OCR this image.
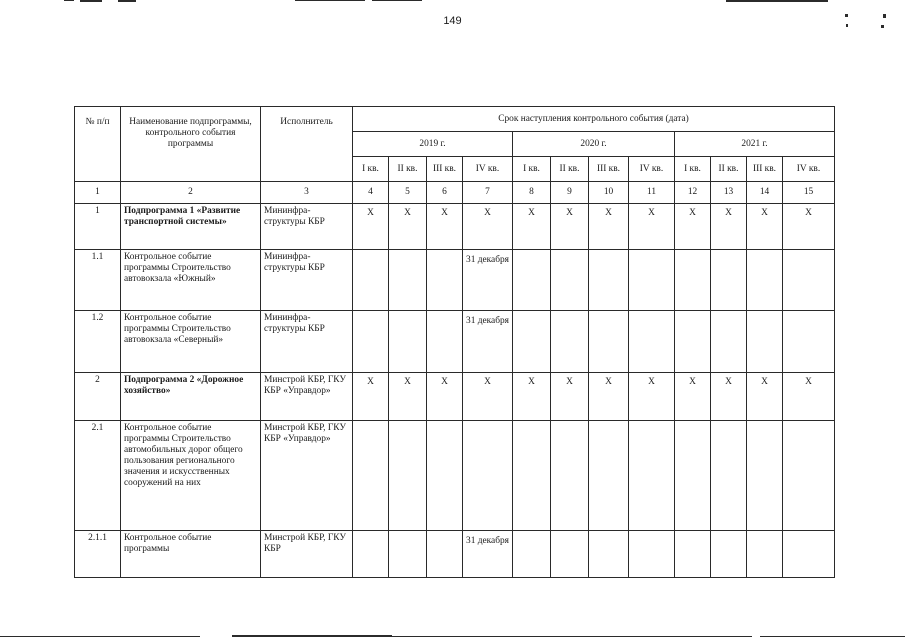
149
№ п/п	Наименование подпрограммы, контрольного события программы	Исполнитель	Срок наступления контрольного события (дата)											
			2019 г.				2020 г.				2021 г.			
			I кв.	II кв.	III кв.	IV кв.	I кв.	II кв.	III кв.	IV кв.	I кв.	II кв.	III кв.	IV кв.
1	2	3	4	5	6	7	8	9	10	11	12	13	14	15
1	Подпрограмма 1 «Развитие транспортной системы»	Мининфра-структуры КБР	X	X	X	X	X	X	X	X	X	X	X	X
1.1	Контрольное событие программы Строительство автовокзала «Южный»	Мининфра-структуры КБР				31 декабря								
1.2	Контрольное событие программы Строительство автовокзала «Северный»	Мининфра-структуры КБР				31 декабря								
2	Подпрограмма 2 «Дорожное хозяйство»	Минстрой КБР, ГКУ КБР «Управдор»	X	X	X	X	X	X	X	X	X	X	X	X
2.1	Контрольное событие программы Строительство автомобильных дорог общего пользования регионального значения и искусственных сооружений на них	Минстрой КБР, ГКУ КБР «Управдор»												
2.1.1	Контрольное событие программы	Минстрой КБР, ГКУ КБР				31 декабря								
